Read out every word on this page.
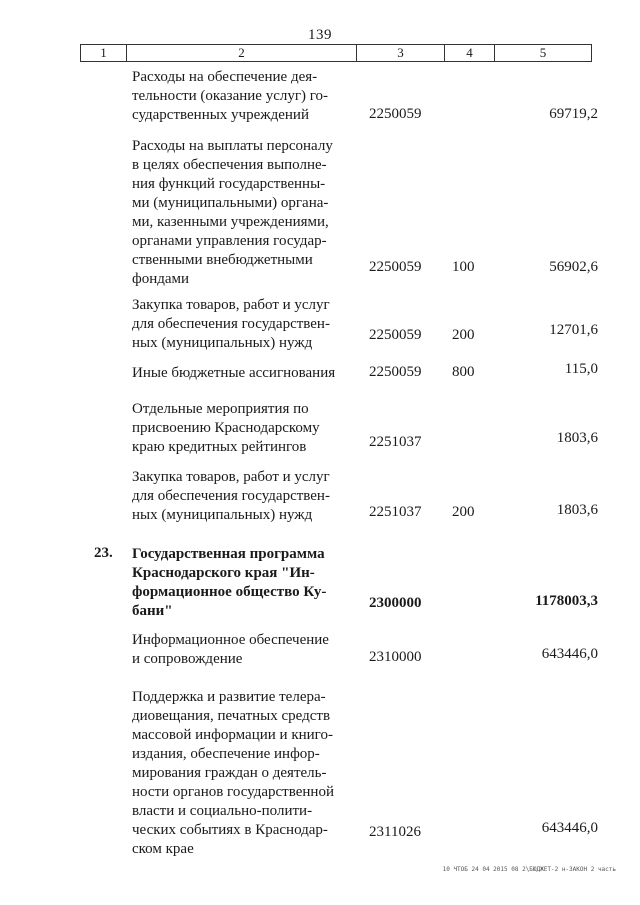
139
1	2	3	4	5
Расходы на обеспечение дея-
тельности (оказание услуг) го-
сударственных учреждений	2250059	69719,2
Расходы на выплаты персоналу
в целях обеспечения выполне-
ния функций государственны-
ми (муниципальными) органа-
ми, казенными учреждениями,
органами управления государ-
ственными внебюджетными
фондами
2250059 100	56902,6
Закупка товаров, работ и услуг
для обеспечения государствен-
ных (муниципальных) нужд	2250059 200	12701,6
Иные бюджетные ассигнования	2250059 800	115,0
Отдельные мероприятия по
присвоению Краснодарскому
краю кредитных рейтингов	2251037	1803,6
Закупка товаров, работ и услуг
для обеспечения государствен-
ных (муниципальных) нужд	2251037 200	1803,6
23. Государственная программа
Краснодарского края "Ин-
формационное общество Ку-
бани"	2300000	1178003,3
Информационное обеспечение
и сопровождение	2310000	643446,0
Поддержка и развитие телера-
диовещания, печатных средств
массовой информации и книго-
издания, обеспечение инфор-
мирования граждан о деятель-
ности органов государственной
власти и социально-полити-
ческих событиях в Краснодар-
ском крае
2311026	643446,0
10 ЧТОБ 24 04 2015 08 2\БЮДЖЕТ-2 н-ЗАКОН 2 часть
